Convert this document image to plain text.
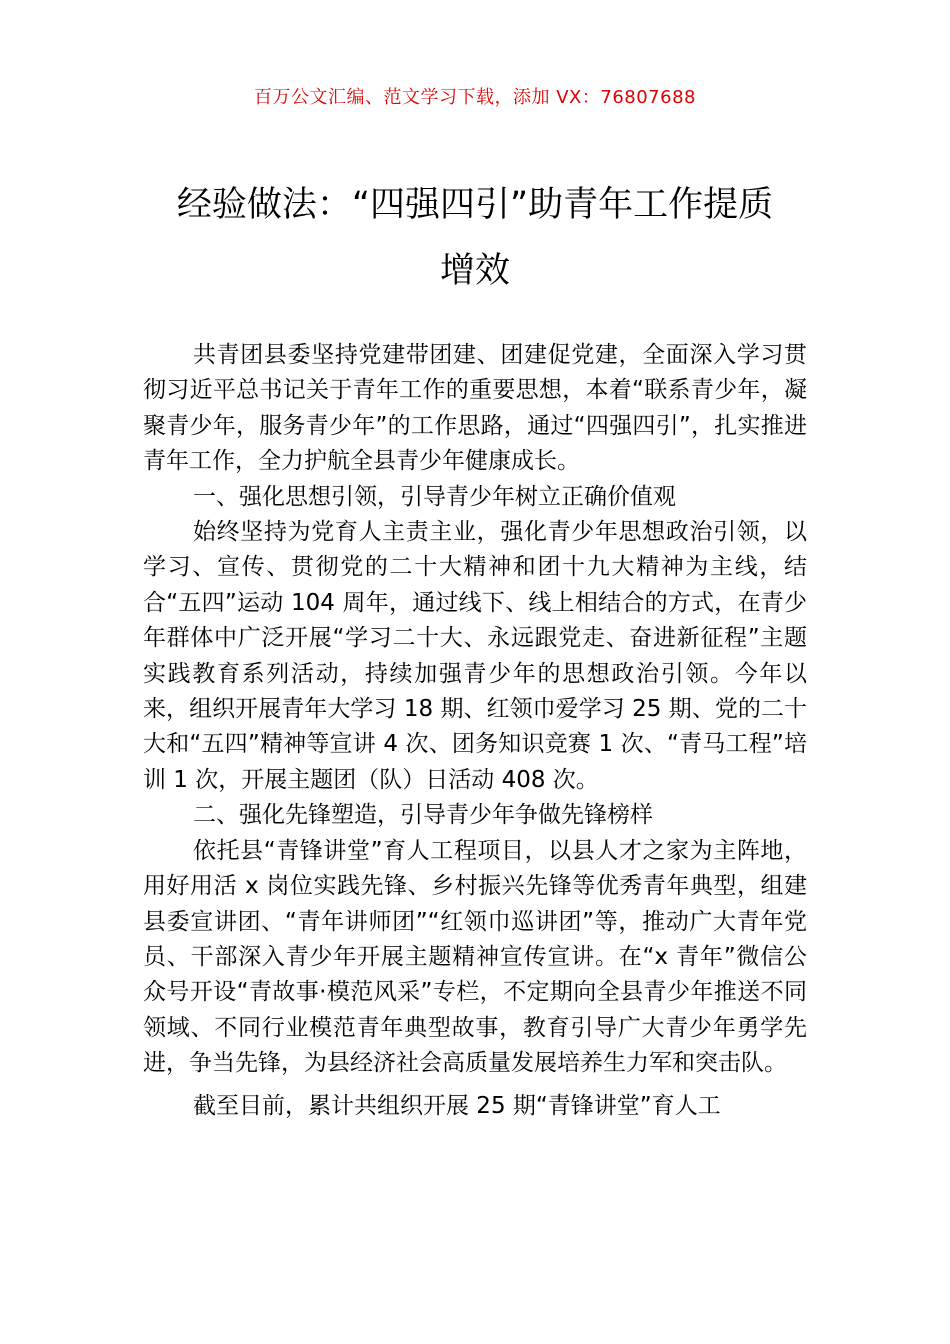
百万公文汇编、范文学习下载，添加 VX：76807688
经验做法：“四强四引”助青年工作提质
增效

共青团县委坚持党建带团建、团建促党建，全面深入学习贯彻习近平总书记关于青年工作的重要思想，本着“联系青少年，凝聚青少年，服务青少年”的工作思路，通过“四强四引”，扎实推进青年工作，全力护航全县青少年健康成长。

一、强化思想引领，引导青少年树立正确价值观

始终坚持为党育人主责主业，强化青少年思想政治引领，以学习、宣传、贯彻党的二十大精神和团十九大精神为主线，结合“五四”运动 104 周年，通过线下、线上相结合的方式，在青少年群体中广泛开展“学习二十大、永远跟党走、奋进新征程”主题实践教育系列活动，持续加强青少年的思想政治引领。今年以来，组织开展青年大学习 18 期、红领巾爱学习 25 期、党的二十大和“五四”精神等宣讲 4 次、团务知识竞赛 1 次、“青马工程”培训 1 次，开展主题团（队）日活动 408 次。

二、强化先锋塑造，引导青少年争做先锋榜样

依托县“青锋讲堂”育人工程项目，以县人才之家为主阵地，用好用活 x 岗位实践先锋、乡村振兴先锋等优秀青年典型，组建县委宣讲团、“青年讲师团”“红领巾巡讲团”等，推动广大青年党员、干部深入青少年开展主题精神宣传宣讲。在“x 青年”微信公众号开设“青故事·模范风采”专栏，不定期向全县青少年推送不同领域、不同行业模范青年典型故事，教育引导广大青少年勇学先进，争当先锋，为县经济社会高质量发展培养生力军和突击队。

截至目前，累计共组织开展 25 期“青锋讲堂”育人工
